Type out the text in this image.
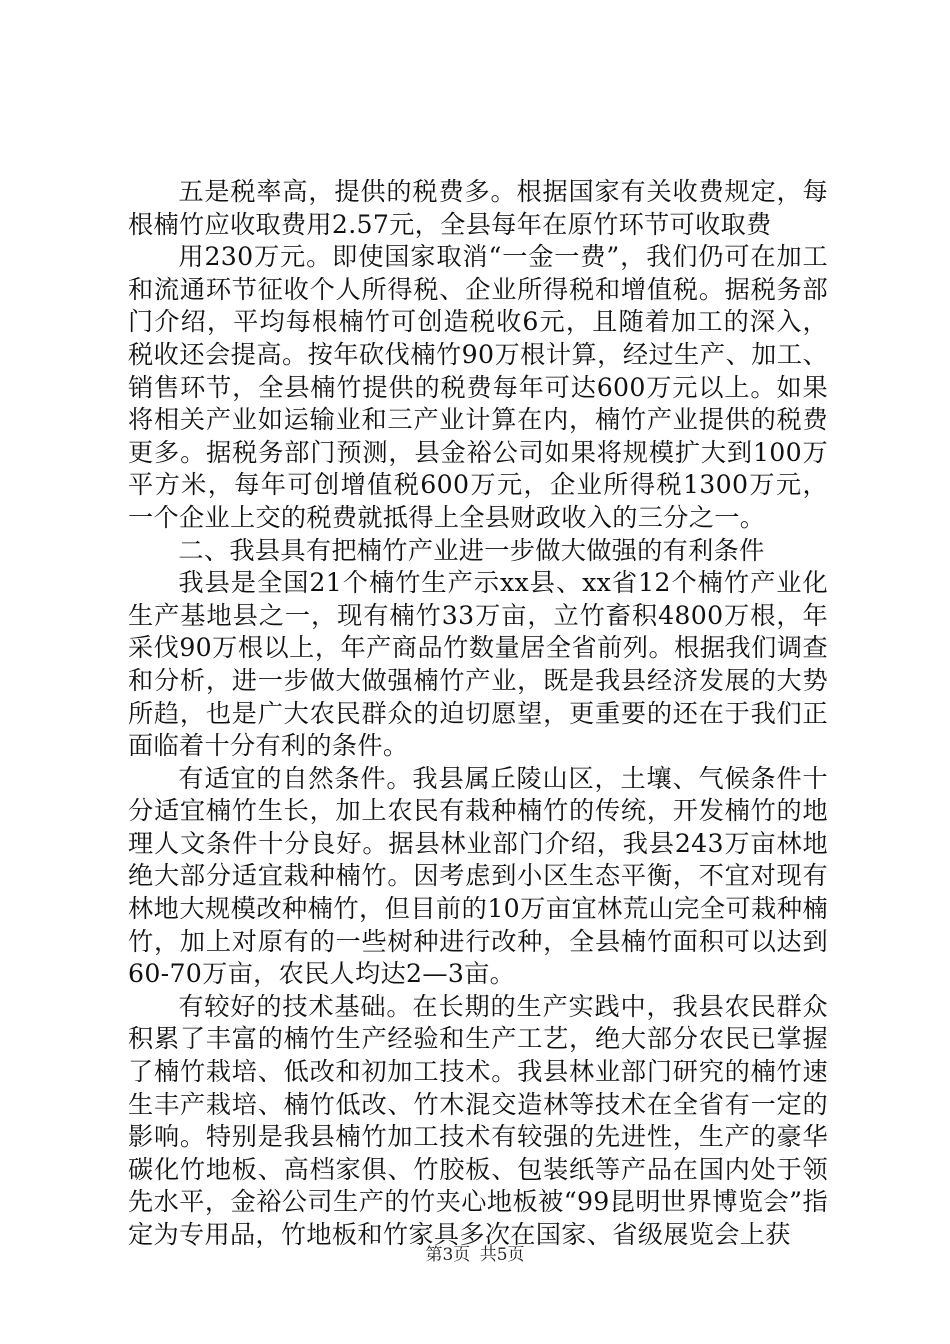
五是税率高，提供的税费多。根据国家有关收费规定，每根楠竹应收取费用2.57元，全县每年在原竹环节可收取费

用230万元。即使国家取消“一金一费”，我们仍可在加工和流通环节征收个人所得税、企业所得税和增值税。据税务部门介绍，平均每根楠竹可创造税收6元，且随着加工的深入，税收还会提高。按年砍伐楠竹90万根计算，经过生产、加工、销售环节，全县楠竹提供的税费每年可达600万元以上。如果将相关产业如运输业和三产业计算在内，楠竹产业提供的税费更多。据税务部门预测，县金裕公司如果将规模扩大到100万平方米，每年可创增值税600万元，企业所得税1300万元，一个企业上交的税费就抵得上全县财政收入的三分之一。

二、我县具有把楠竹产业进一步做大做强的有利条件

我县是全国21个楠竹生产示xx县、xx省12个楠竹产业化生产基地县之一，现有楠竹33万亩，立竹畜积4800万根，年采伐90万根以上，年产商品竹数量居全省前列。根据我们调查和分析，进一步做大做强楠竹产业，既是我县经济发展的大势所趋，也是广大农民群众的迫切愿望，更重要的还在于我们正面临着十分有利的条件。

有适宜的自然条件。我县属丘陵山区，土壤、气候条件十分适宜楠竹生长，加上农民有栽种楠竹的传统，开发楠竹的地理人文条件十分良好。据县林业部门介绍，我县243万亩林地绝大部分适宜栽种楠竹。因考虑到小区生态平衡，不宜对现有林地大规模改种楠竹，但目前的10万亩宜林荒山完全可栽种楠竹，加上对原有的一些树种进行改种，全县楠竹面积可以达到60-70万亩，农民人均达2—3亩。

有较好的技术基础。在长期的生产实践中，我县农民群众积累了丰富的楠竹生产经验和生产工艺，绝大部分农民已掌握了楠竹栽培、低改和初加工技术。我县林业部门研究的楠竹速生丰产栽培、楠竹低改、竹木混交造林等技术在全省有一定的影响。特别是我县楠竹加工技术有较强的先进性，生产的豪华碳化竹地板、高档家俱、竹胶板、包装纸等产品在国内处于领先水平，金裕公司生产的竹夹心地板被“99昆明世界博览会”指定为专用品，竹地板和竹家具多次在国家、省级展览会上获

第3页 共5页
